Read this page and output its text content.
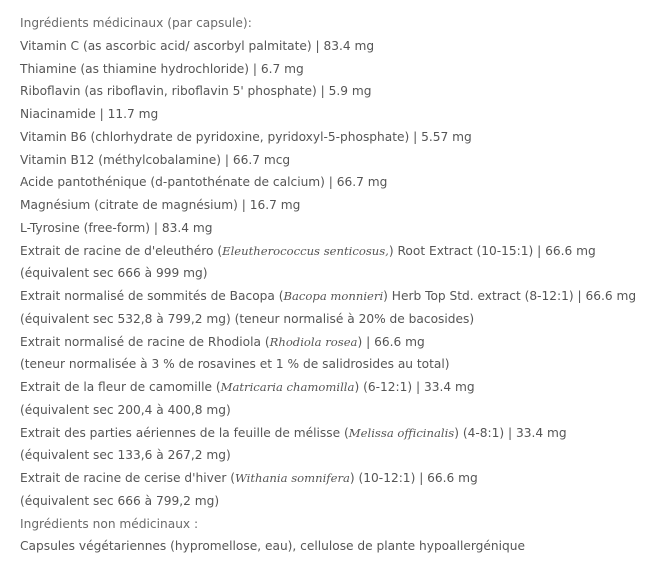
Ingrédients médicinaux (par capsule):
Vitamin C (as ascorbic acid/ ascorbyl palmitate) | 83.4 mg
Thiamine (as thiamine hydrochloride) | 6.7 mg
Riboflavin (as riboflavin, riboflavin 5' phosphate) | 5.9 mg
Niacinamide | 11.7 mg
Vitamin B6 (chlorhydrate de pyridoxine, pyridoxyl-5-phosphate) | 5.57 mg
Vitamin B12 (méthylcobalamine) | 66.7 mcg
Acide pantothénique (d-pantothénate de calcium) | 66.7 mg
Magnésium (citrate de magnésium) | 16.7 mg
L-Tyrosine (free-form) | 83.4 mg
Extrait de racine de d'eleuthéro (Eleutherococcus senticosus,) Root Extract (10-15:1) | 66.6 mg
(équivalent sec 666 à 999 mg)
Extrait normalisé de sommités de Bacopa (Bacopa monnieri) Herb Top Std. extract (8-12:1) | 66.6 mg
(équivalent sec 532,8 à 799,2 mg) (teneur normalisé à 20% de bacosides)
Extrait normalisé de racine de Rhodiola (Rhodiola rosea) | 66.6 mg
(teneur normalisée à 3 % de rosavines et 1 % de salidrosides au total)
Extrait de la fleur de camomille (Matricaria chamomilla) (6-12:1) | 33.4 mg
(équivalent sec 200,4 à 400,8 mg)
Extrait des parties aériennes de la feuille de mélisse (Melissa officinalis) (4-8:1) | 33.4 mg
(équivalent sec 133,6 à 267,2 mg)
Extrait de racine de cerise d'hiver (Withania somnifera) (10-12:1) | 66.6 mg
(équivalent sec 666 à 799,2 mg)
Ingrédients non médicinaux :
Capsules végétariennes (hypromellose, eau), cellulose de plante hypoallergénique
